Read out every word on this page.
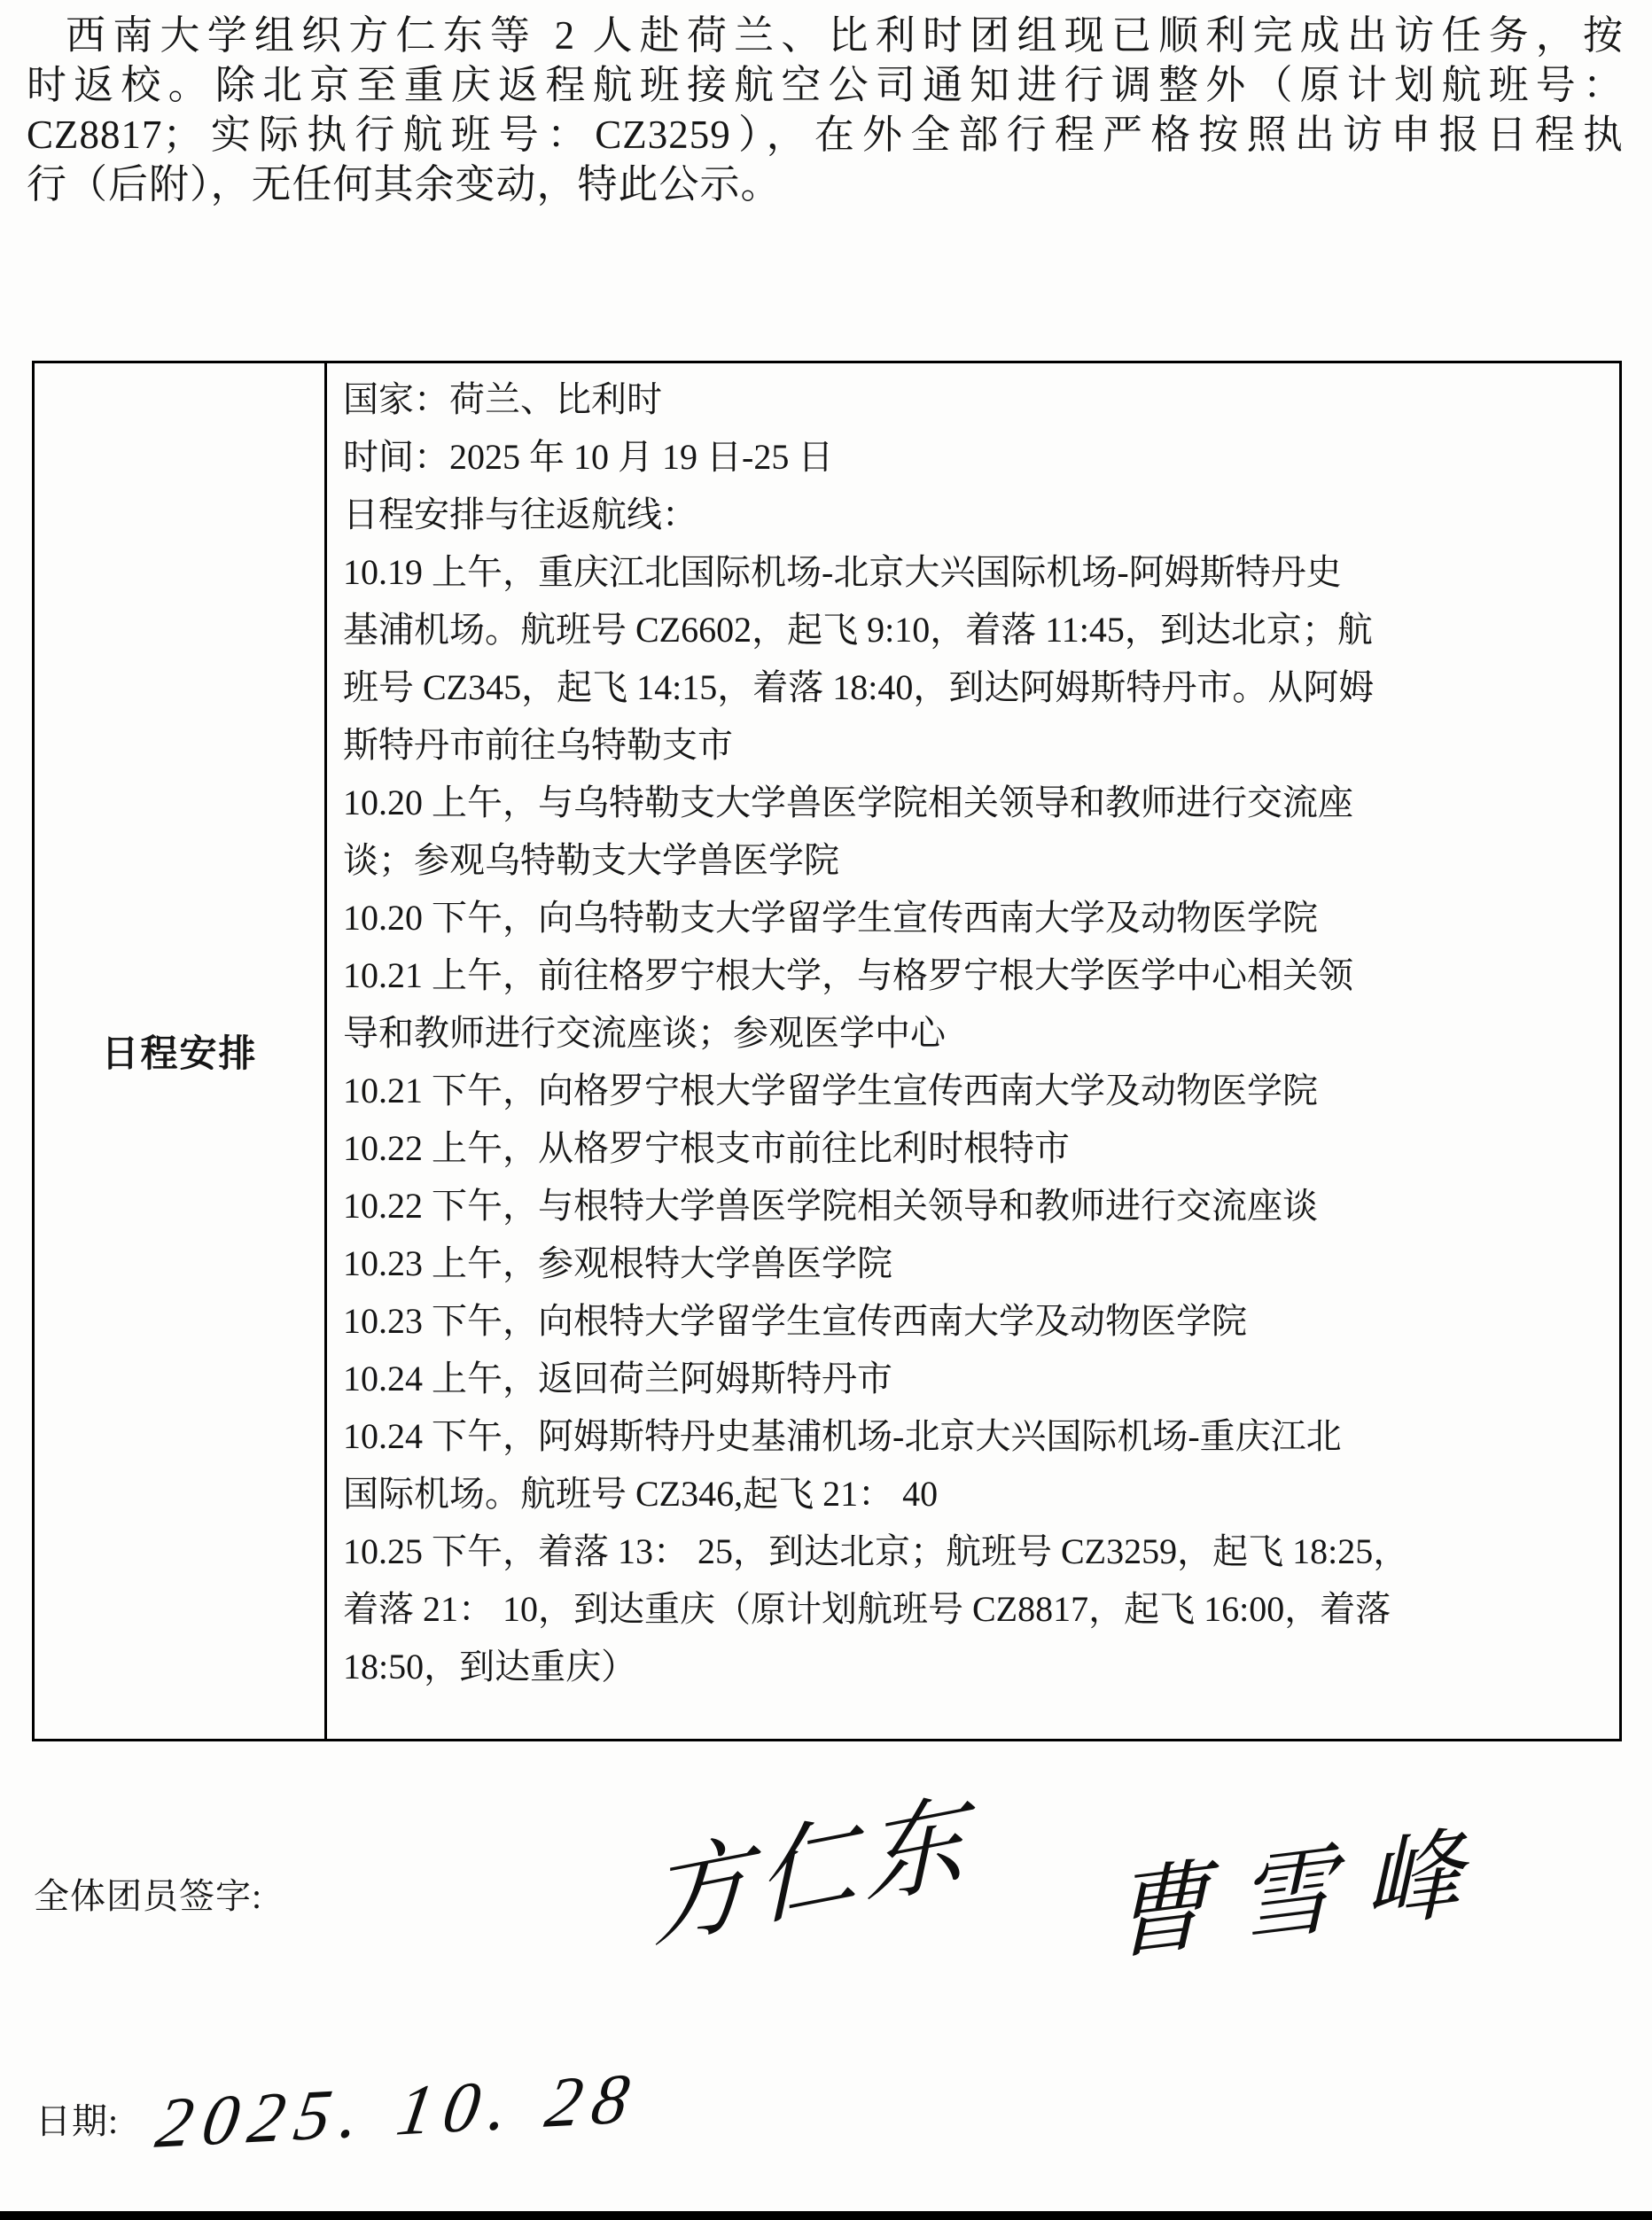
西南大学组织方仁东等 2 人赴荷兰、比利时团组现已顺利完成出访任务，按
时返校。除北京至重庆返程航班接航空公司通知进行调整外（原计划航班号：
CZ8817；实际执行航班号：CZ3259），在外全部行程严格按照出访申报日程执
行（后附），无任何其余变动，特此公示。
日程安排
国家：荷兰、比利时
时间：2025 年 10 月 19 日-25 日
日程安排与往返航线：
10.19 上午，重庆江北国际机场-北京大兴国际机场-阿姆斯特丹史
基浦机场。航班号 CZ6602，起飞 9:10，着落 11:45，到达北京；航
班号 CZ345，起飞 14:15，着落 18:40，到达阿姆斯特丹市。从阿姆
斯特丹市前往乌特勒支市
10.20 上午，与乌特勒支大学兽医学院相关领导和教师进行交流座
谈；参观乌特勒支大学兽医学院
10.20 下午，向乌特勒支大学留学生宣传西南大学及动物医学院
10.21 上午，前往格罗宁根大学，与格罗宁根大学医学中心相关领
导和教师进行交流座谈；参观医学中心
10.21 下午，向格罗宁根大学留学生宣传西南大学及动物医学院
10.22 上午，从格罗宁根支市前往比利时根特市
10.22 下午，与根特大学兽医学院相关领导和教师进行交流座谈
10.23 上午，参观根特大学兽医学院
10.23 下午，向根特大学留学生宣传西南大学及动物医学院
10.24 上午，返回荷兰阿姆斯特丹市
10.24 下午，阿姆斯特丹史基浦机场-北京大兴国际机场-重庆江北
国际机场。航班号 CZ346,起飞 21： 40
10.25 下午，着落 13： 25，到达北京；航班号 CZ3259，起飞 18:25，
着落 21： 10，到达重庆（原计划航班号 CZ8817，起飞 16:00，着落
18:50，到达重庆）
全体团员签字:	方仁东 曹雪峰
日期: 2025. 10. 28
